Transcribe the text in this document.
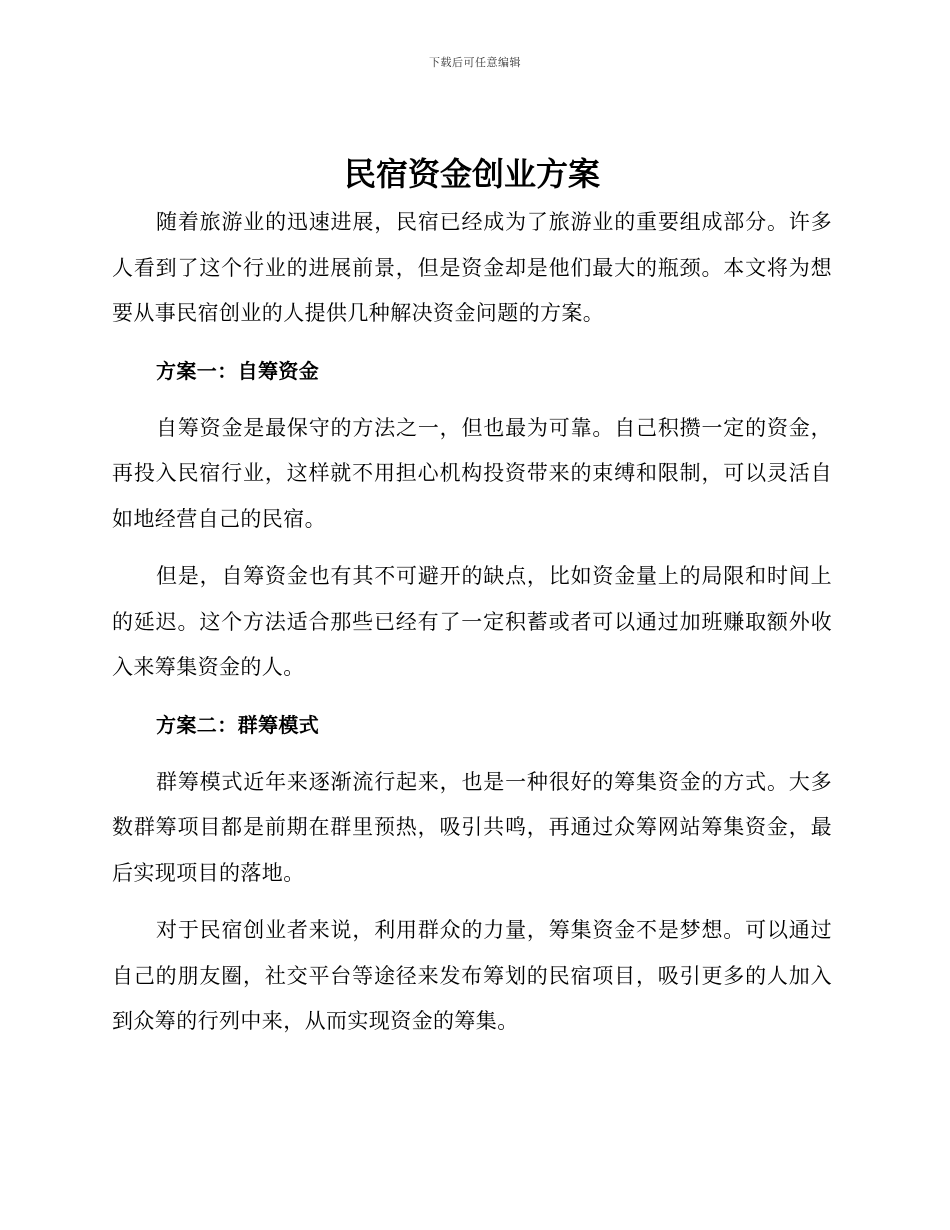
下载后可任意编辑
民宿资金创业方案

随着旅游业的迅速进展，民宿已经成为了旅游业的重要组成部分。许多人看到了这个行业的进展前景，但是资金却是他们最大的瓶颈。本文将为想要从事民宿创业的人提供几种解决资金问题的方案。

方案一：自筹资金

自筹资金是最保守的方法之一，但也最为可靠。自己积攒一定的资金，再投入民宿行业，这样就不用担心机构投资带来的束缚和限制，可以灵活自如地经营自己的民宿。

但是，自筹资金也有其不可避开的缺点，比如资金量上的局限和时间上的延迟。这个方法适合那些已经有了一定积蓄或者可以通过加班赚取额外收入来筹集资金的人。

方案二：群筹模式

群筹模式近年来逐渐流行起来，也是一种很好的筹集资金的方式。大多数群筹项目都是前期在群里预热，吸引共鸣，再通过众筹网站筹集资金，最后实现项目的落地。

对于民宿创业者来说，利用群众的力量，筹集资金不是梦想。可以通过自己的朋友圈，社交平台等途径来发布筹划的民宿项目，吸引更多的人加入到众筹的行列中来，从而实现资金的筹集。
